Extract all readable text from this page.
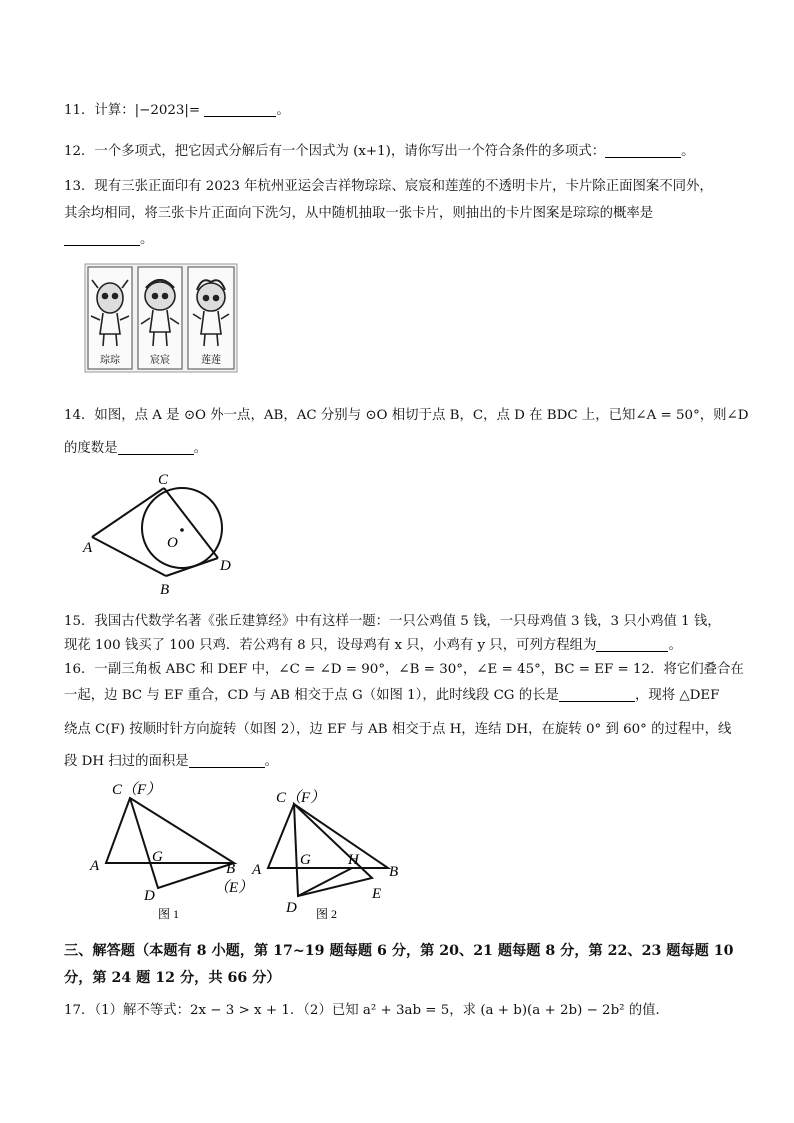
11．计算：|−2023|=	。
12．一个多项式，把它因式分解后有一个因式为 (x+1)，请你写出一个符合条件的多项式：	。
13．现有三张正面印有 2023 年杭州亚运会吉祥物琮琮、宸宸和莲莲的不透明卡片，卡片除正面图案不同外，
其余均相同，将三张卡片正面向下洗匀，从中随机抽取一张卡片，则抽出的卡片图案是琮琮的概率是
。
琮琮	宸宸	莲莲
14．如图，点 A 是 ⊙O 外一点，AB，AC 分别与 ⊙O 相切于点 B，C，点 D 在 BDC 上，已知∠A = 50°，则∠D
的度数是	。
A
C
O
D
B
15．我国古代数学名著《张丘建算经》中有这样一题：一只公鸡值 5 钱，一只母鸡值 3 钱，3 只小鸡值 1 钱，
现花 100 钱买了 100 只鸡．若公鸡有 8 只，设母鸡有 x 只，小鸡有 y 只，可列方程组为	。
16．一副三角板 ABC 和 DEF 中，∠C = ∠D = 90°，∠B = 30°，∠E = 45°，BC = EF = 12．将它们叠合在
一起，边 BC 与 EF 重合，CD 与 AB 相交于点 G（如图 1），此时线段 CG 的长是	，现将 △DEF
绕点 C(F) 按顺时针方向旋转（如图 2），边 EF 与 AB 相交于点 H，连结 DH，在旋转 0° 到 60° 的过程中，线
段 DH 扫过的面积是	。
C（F）
A
G
B
（E）
D
图 1
C（F）
A
G H
B
E
D 图 2
三、解答题（本题有 8 小题，第 17~19 题每题 6 分，第 20、21 题每题 8 分，第 22、23 题每题 10
分，第 24 题 12 分，共 66 分）
17．（1）解不等式：2x − 3 > x + 1．（2）已知 a² + 3ab = 5，求 (a + b)(a + 2b) − 2b² 的值．
